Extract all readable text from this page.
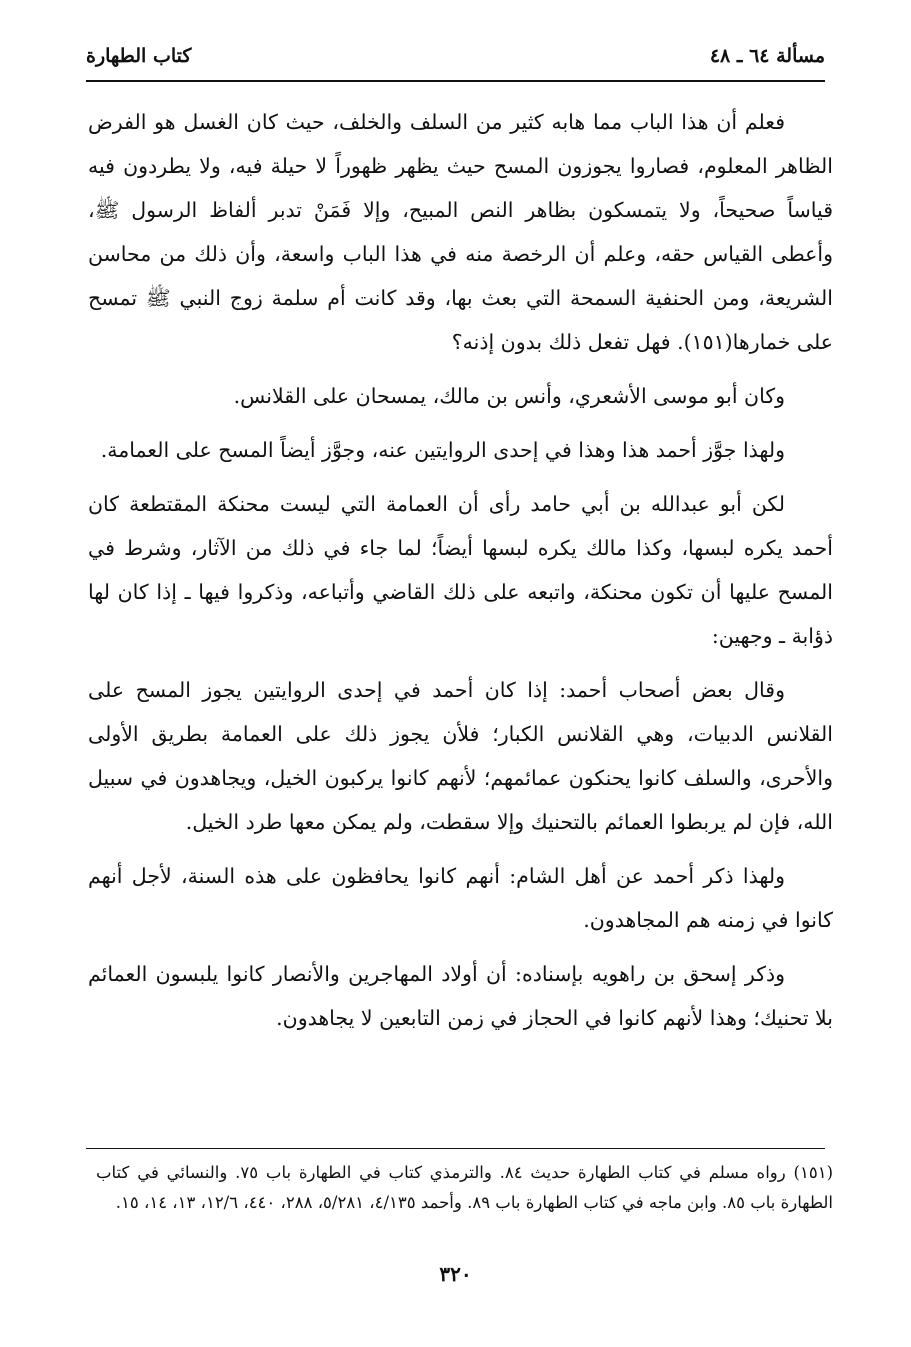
مسألة ٦٤ ـ ٤٨
كتاب الطهارة

فعلم أن هذا الباب مما هابه كثير من السلف والخلف، حيث كان الغسل هو الفرض الظاهر المعلوم، فصاروا يجوزون المسح حيث يظهر ظهوراً لا حيلة فيه، ولا يطردون فيه قياساً صحيحاً، ولا يتمسكون بظاهر النص المبيح، وإلا فَمَنْ تدبر ألفاظ الرسول ﷺ، وأعطى القياس حقه، وعلم أن الرخصة منه في هذا الباب واسعة، وأن ذلك من محاسن الشريعة، ومن الحنفية السمحة التي بعث بها، وقد كانت أم سلمة زوج النبي ﷺ تمسح على خمارها(١٥١). فهل تفعل ذلك بدون إذنه؟

وكان أبو موسى الأشعري، وأنس بن مالك، يمسحان على القلانس.

ولهذا جوَّز أحمد هذا وهذا في إحدى الروايتين عنه، وجوَّز أيضاً المسح على العمامة.

لكن أبو عبدالله بن أبي حامد رأى أن العمامة التي ليست محنكة المقتطعة كان أحمد يكره لبسها، وكذا مالك يكره لبسها أيضاً؛ لما جاء في ذلك من الآثار، وشرط في المسح عليها أن تكون محنكة، واتبعه على ذلك القاضي وأتباعه، وذكروا فيها ـ إذا كان لها ذؤابة ـ وجهين:

وقال بعض أصحاب أحمد: إذا كان أحمد في إحدى الروايتين يجوز المسح على القلانس الدبيات، وهي القلانس الكبار؛ فلأن يجوز ذلك على العمامة بطريق الأولى والأحرى، والسلف كانوا يحنكون عمائمهم؛ لأنهم كانوا يركبون الخيل، ويجاهدون في سبيل الله، فإن لم يربطوا العمائم بالتحنيك وإلا سقطت، ولم يمكن معها طرد الخيل.

ولهذا ذكر أحمد عن أهل الشام: أنهم كانوا يحافظون على هذه السنة، لأجل أنهم كانوا في زمنه هم المجاهدون.

وذكر إسحق بن راهويه بإسناده: أن أولاد المهاجرين والأنصار كانوا يلبسون العمائم بلا تحنيك؛ وهذا لأنهم كانوا في الحجاز في زمن التابعين لا يجاهدون.

(١٥١) رواه مسلم في كتاب الطهارة حديث ٨٤. والترمذي كتاب في الطهارة باب ٧٥. والنسائي في كتاب الطهارة باب ٨٥. وابن ماجه في كتاب الطهارة باب ٨٩. وأحمد ٤/١٣٥، ٥/٢٨١، ٢٨٨، ٤٤٠، ١٢/٦، ١٣، ١٤، ١٥.
٣٢٠
